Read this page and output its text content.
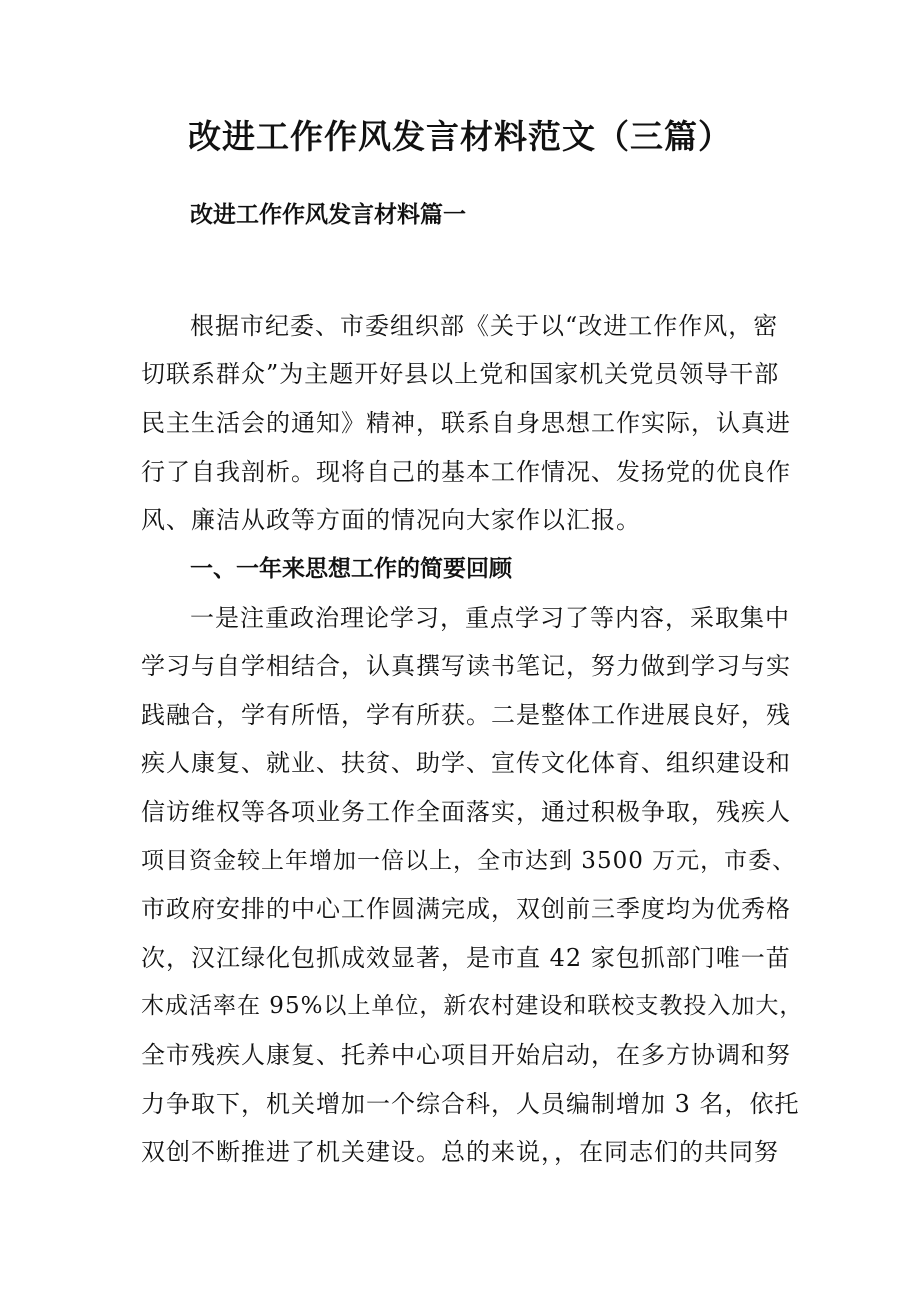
改进工作作风发言材料范文（三篇）
改进工作作风发言材料篇一
根据市纪委、市委组织部《关于以“改进工作作风，密
切联系群众”为主题开好县以上党和国家机关党员领导干部
民主生活会的通知》精神，联系自身思想工作实际，认真进
行了自我剖析。现将自己的基本工作情况、发扬党的优良作
风、廉洁从政等方面的情况向大家作以汇报。
一、一年来思想工作的简要回顾
一是注重政治理论学习，重点学习了等内容，采取集中
学习与自学相结合，认真撰写读书笔记，努力做到学习与实
践融合，学有所悟，学有所获。二是整体工作进展良好，残
疾人康复、就业、扶贫、助学、宣传文化体育、组织建设和
信访维权等各项业务工作全面落实，通过积极争取，残疾人
项目资金较上年增加一倍以上，全市达到 3500 万元，市委、
市政府安排的中心工作圆满完成，双创前三季度均为优秀格
次，汉江绿化包抓成效显著，是市直 42 家包抓部门唯一苗
木成活率在 95%以上单位，新农村建设和联校支教投入加大，
全市残疾人康复、托养中心项目开始启动，在多方协调和努
力争取下，机关增加一个综合科，人员编制增加 3 名，依托
双创不断推进了机关建设。总的来说，，在同志们的共同努
